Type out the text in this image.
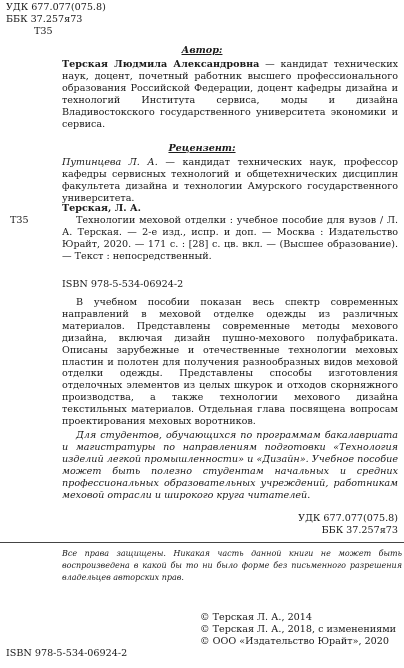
УДК 677.077(075.8)
ББК 37.257я73
Т35
Автор:
Терская Людмила Александровна — кандидат технических наук, доцент, почетный работник высшего профессионального образования Российской Федерации, доцент кафедры дизайна и технологий Института сервиса, моды и дизайна Владивостокского государственного университета экономики и сервиса.
Рецензент:
Путинцева Л. А. — кандидат технических наук, профессор кафедры сервисных технологий и общетехнических дисциплин факультета дизайна и технологии Амурского государственного университета.
Т35
Терская, Л. А.
Технологии меховой отделки : учебное пособие для вузов / Л. А. Терская. — 2-е изд., испр. и доп. — Москва : Издательство Юрайт, 2020. — 171 с. : [28] с. цв. вкл. — (Высшее образование). — Текст : непосредственный.
ISBN 978-5-534-06924-2
В учебном пособии показан весь спектр современных направлений в меховой отделке одежды из различных материалов. Представлены современные методы мехового дизайна, включая дизайн пушно-мехового полуфабриката. Описаны зарубежные и отечественные технологии меховых пластин и полотен для получения разнообразных видов меховой отделки одежды. Представлены способы изготовления отделочных элементов из целых шкурок и отходов скорняжного производства, а также технологии мехового дизайна текстильных материалов. Отдельная глава посвящена вопросам проектирования меховых воротников.
Для студентов, обучающихся по программам бакалавриата и магистратуры по направлениям подготовки «Технология изделий легкой промышленности» и «Дизайн». Учебное пособие может быть полезно студентам начальных и средних профессиональных образовательных учреждений, работникам меховой отрасли и широкого круга читателей.
УДК 677.077(075.8)
ББК 37.257я73
Все права защищены. Никакая часть данной книги не может быть воспроизведена в какой бы то ни было форме без письменного разрешения владельцев авторских прав.
© Терская Л. А., 2014
© Терская Л. А., 2018, с изменениями
© ООО «Издательство Юрайт», 2020
ISBN 978-5-534-06924-2
